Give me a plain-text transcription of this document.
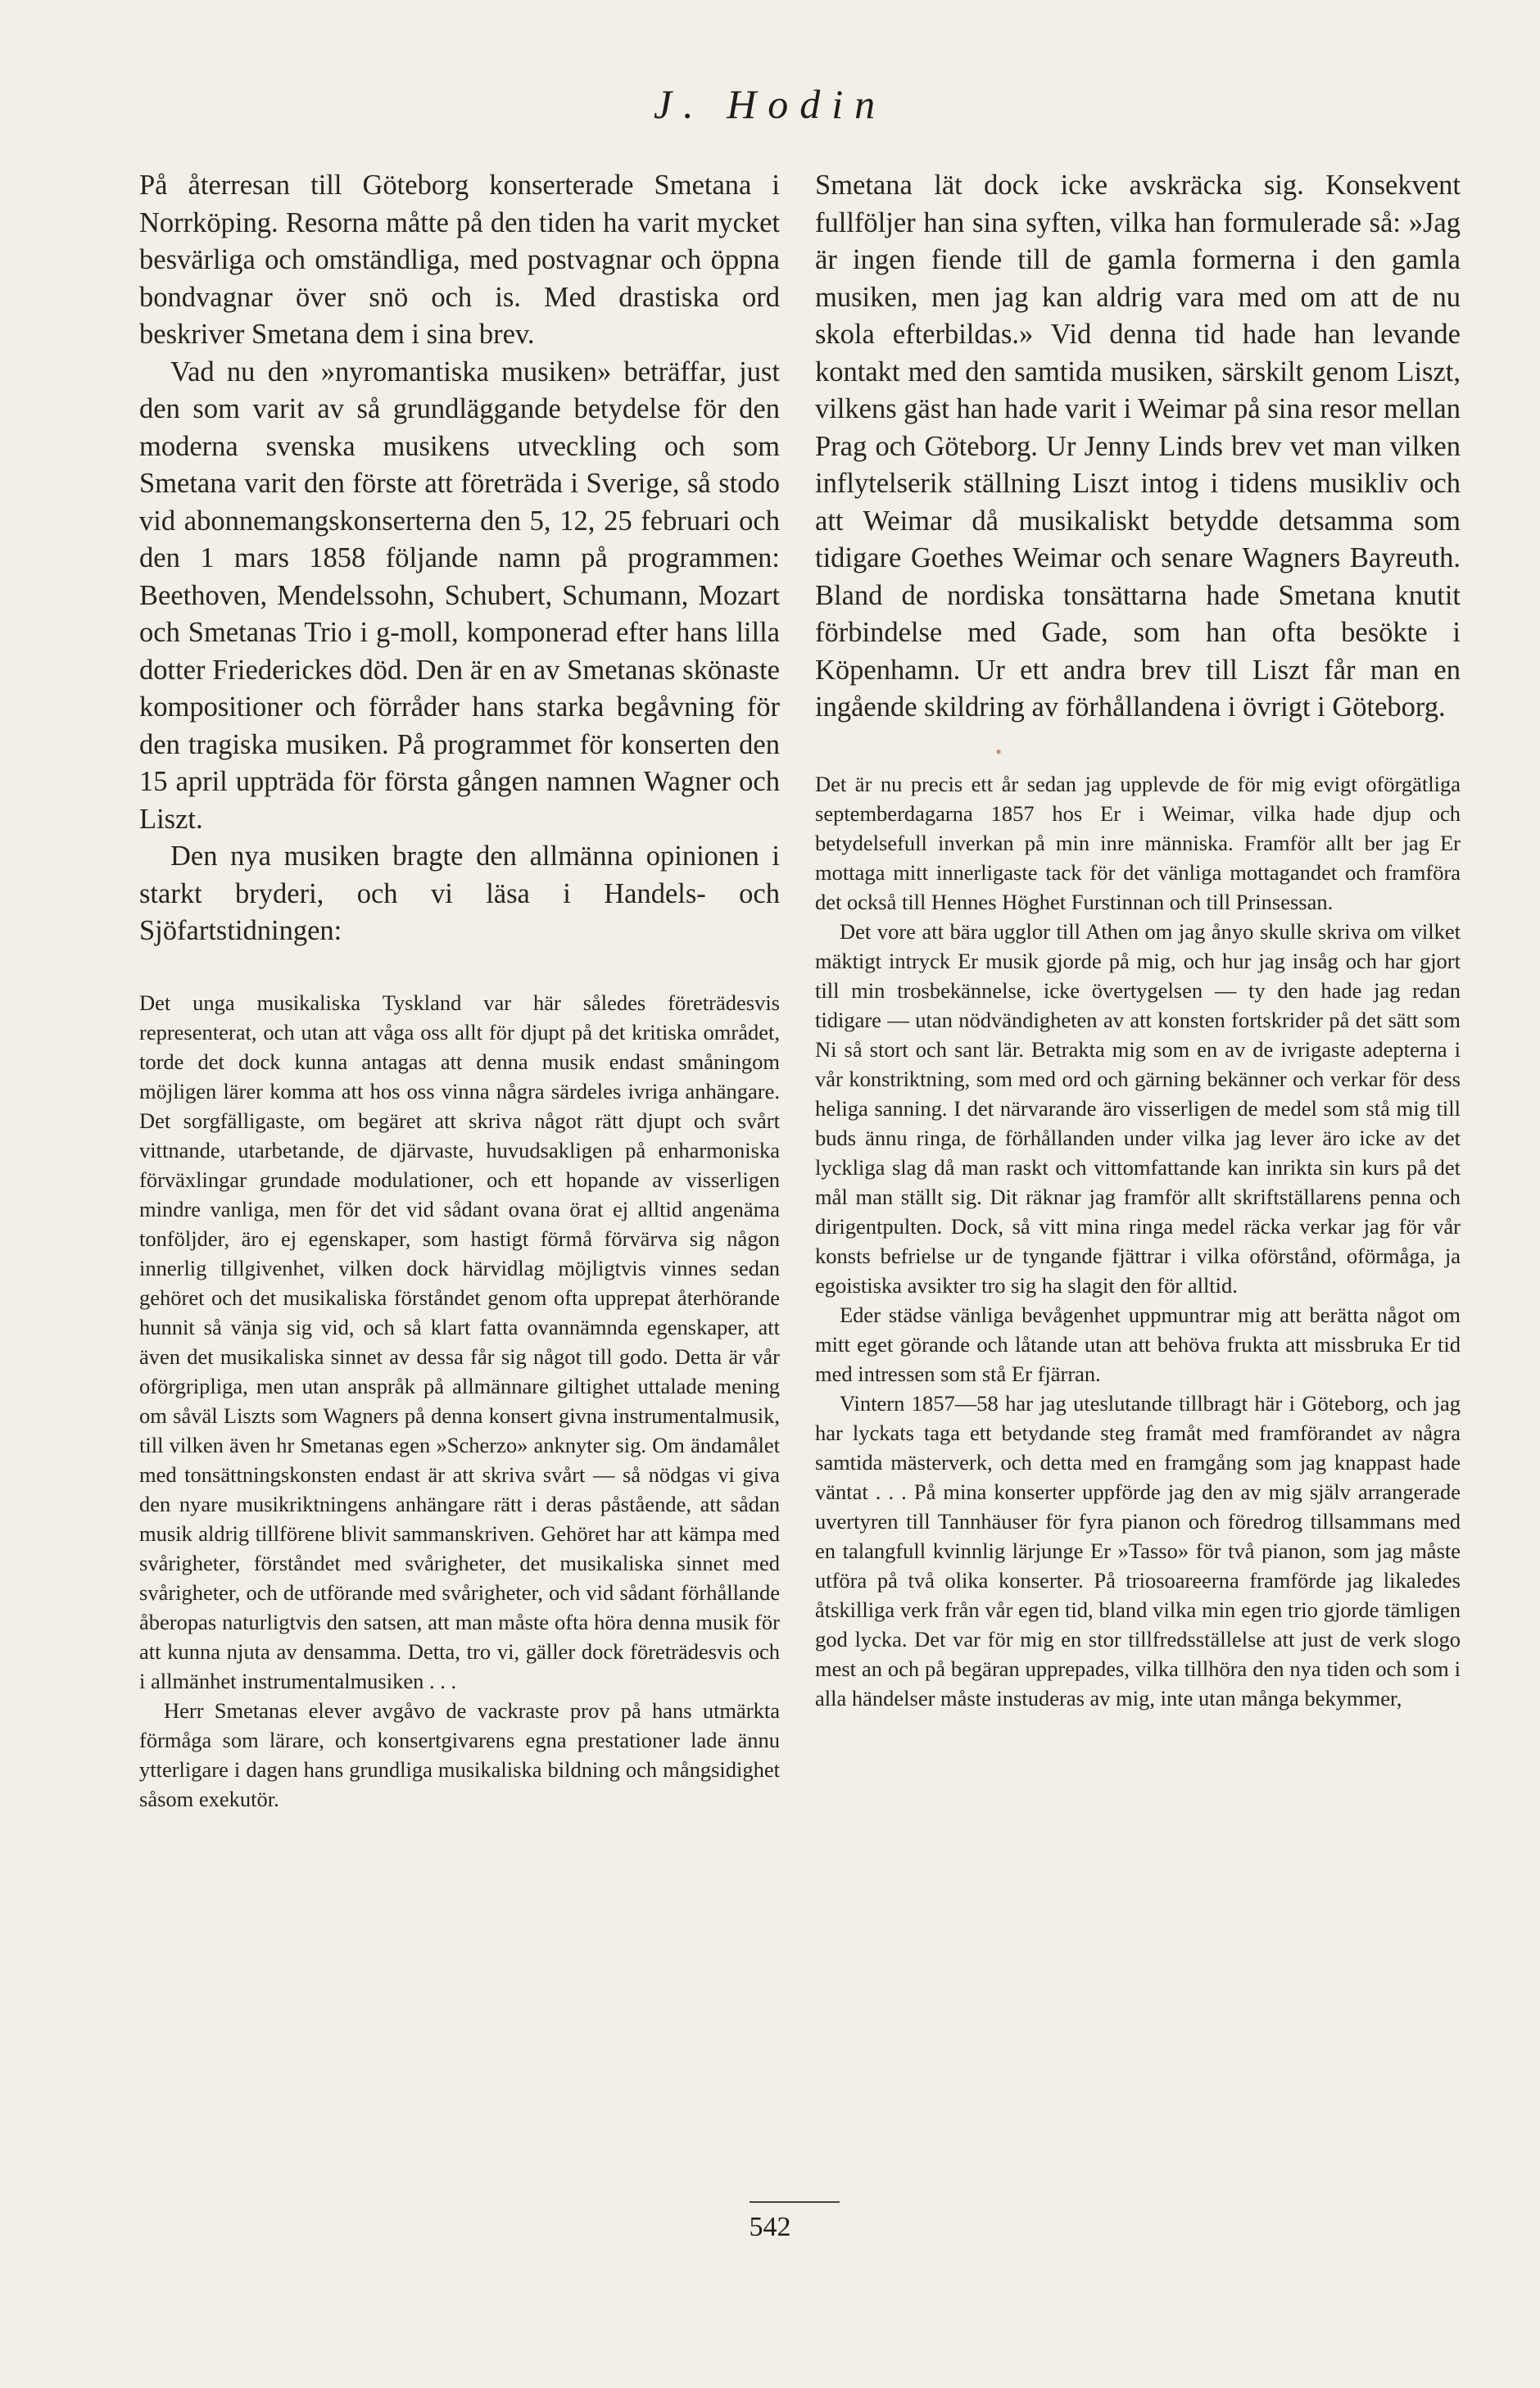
J. Hodin

På återresan till Göteborg konserterade Smetana i Norrköping. Resorna måtte på den tiden ha varit mycket besvärliga och omständliga, med postvagnar och öppna bondvagnar över snö och is. Med drastiska ord beskriver Smetana dem i sina brev.

Vad nu den »nyromantiska musiken» beträffar, just den som varit av så grundläggande betydelse för den moderna svenska musikens utveckling och som Smetana varit den förste att företräda i Sverige, så stodo vid abonnemangskonserterna den 5, 12, 25 februari och den 1 mars 1858 följande namn på programmen: Beethoven, Mendelssohn, Schubert, Schumann, Mozart och Smetanas Trio i g-moll, komponerad efter hans lilla dotter Friederickes död. Den är en av Smetanas skönaste kompositioner och förråder hans starka begåvning för den tragiska musiken. På programmet för konserten den 15 april uppträda för första gången namnen Wagner och Liszt.

Den nya musiken bragte den allmänna opinionen i starkt bryderi, och vi läsa i Handels- och Sjöfartstidningen:

Det unga musikaliska Tyskland var här således företrädesvis representerat, och utan att våga oss allt för djupt på det kritiska området, torde det dock kunna antagas att denna musik endast småningom möjligen lärer komma att hos oss vinna några särdeles ivriga anhängare. Det sorgfälligaste, om begäret att skriva något rätt djupt och svårt vittnande, utarbetande, de djärvaste, huvudsakligen på enharmoniska förväxlingar grundade modulationer, och ett hopande av visserligen mindre vanliga, men för det vid sådant ovana örat ej alltid angenäma tonföljder, äro ej egenskaper, som hastigt förmå förvärva sig någon innerlig tillgivenhet, vilken dock härvidlag möjligtvis vinnes sedan gehöret och det musikaliska förståndet genom ofta upprepat återhörande hunnit så vänja sig vid, och så klart fatta ovannämnda egenskaper, att även det musikaliska sinnet av dessa får sig något till godo. Detta är vår oförgripliga, men utan anspråk på allmännare giltighet uttalade mening om såväl Liszts som Wagners på denna konsert givna instrumentalmusik, till vilken även hr Smetanas egen »Scherzo» anknyter sig. Om ändamålet med tonsättningskonsten endast är att skriva svårt — så nödgas vi giva den nyare musikriktningens anhängare rätt i deras påstående, att sådan musik aldrig tillförene blivit sammanskriven. Gehöret har att kämpa med svårigheter, förståndet med svårigheter, det musikaliska sinnet med svårigheter, och de utförande med svårigheter, och vid sådant förhållande åberopas naturligtvis den satsen, att man måste ofta höra denna musik för att kunna njuta av densamma. Detta, tro vi, gäller dock företrädesvis och i allmänhet instrumentalmusiken . . .

Herr Smetanas elever avgåvo de vackraste prov på hans utmärkta förmåga som lärare, och konsertgivarens egna prestationer lade ännu ytterligare i dagen hans grundliga musikaliska bildning och mångsidighet såsom exekutör.

Smetana lät dock icke avskräcka sig. Konsekvent fullföljer han sina syften, vilka han formulerade så: »Jag är ingen fiende till de gamla formerna i den gamla musiken, men jag kan aldrig vara med om att de nu skola efterbildas.» Vid denna tid hade han levande kontakt med den samtida musiken, särskilt genom Liszt, vilkens gäst han hade varit i Weimar på sina resor mellan Prag och Göteborg. Ur Jenny Linds brev vet man vilken inflytelserik ställning Liszt intog i tidens musikliv och att Weimar då musikaliskt betydde detsamma som tidigare Goethes Weimar och senare Wagners Bayreuth. Bland de nordiska tonsättarna hade Smetana knutit förbindelse med Gade, som han ofta besökte i Köpenhamn. Ur ett andra brev till Liszt får man en ingående skildring av förhållandena i övrigt i Göteborg.

•

Det är nu precis ett år sedan jag upplevde de för mig evigt oförgätliga septemberdagarna 1857 hos Er i Weimar, vilka hade djup och betydelsefull inverkan på min inre människa. Framför allt ber jag Er mottaga mitt innerligaste tack för det vänliga mottagandet och framföra det också till Hennes Höghet Furstinnan och till Prinsessan.

Det vore att bära ugglor till Athen om jag ånyo skulle skriva om vilket mäktigt intryck Er musik gjorde på mig, och hur jag insåg och har gjort till min trosbekännelse, icke övertygelsen — ty den hade jag redan tidigare — utan nödvändigheten av att konsten fortskrider på det sätt som Ni så stort och sant lär. Betrakta mig som en av de ivrigaste adepterna i vår konstriktning, som med ord och gärning bekänner och verkar för dess heliga sanning. I det närvarande äro visserligen de medel som stå mig till buds ännu ringa, de förhållanden under vilka jag lever äro icke av det lyckliga slag då man raskt och vittomfattande kan inrikta sin kurs på det mål man ställt sig. Dit räknar jag framför allt skriftställarens penna och dirigentpulten. Dock, så vitt mina ringa medel räcka verkar jag för vår konsts befrielse ur de tyngande fjättrar i vilka oförstånd, oförmåga, ja egoistiska avsikter tro sig ha slagit den för alltid.

Eder städse vänliga bevågenhet uppmuntrar mig att berätta något om mitt eget görande och låtande utan att behöva frukta att missbruka Er tid med intressen som stå Er fjärran.

Vintern 1857—58 har jag uteslutande tillbragt här i Göteborg, och jag har lyckats taga ett betydande steg framåt med framförandet av några samtida mästerverk, och detta med en framgång som jag knappast hade väntat . . . På mina konserter uppförde jag den av mig själv arrangerade uvertyren till Tannhäuser för fyra pianon och föredrog tillsammans med en talangfull kvinnlig lärjunge Er »Tasso» för två pianon, som jag måste utföra på två olika konserter. På triosoareerna framförde jag likaledes åtskilliga verk från vår egen tid, bland vilka min egen trio gjorde tämligen god lycka. Det var för mig en stor tillfredsställelse att just de verk slogo mest an och på begäran upprepades, vilka tillhöra den nya tiden och som i alla händelser måste instuderas av mig, inte utan många bekymmer,

542
